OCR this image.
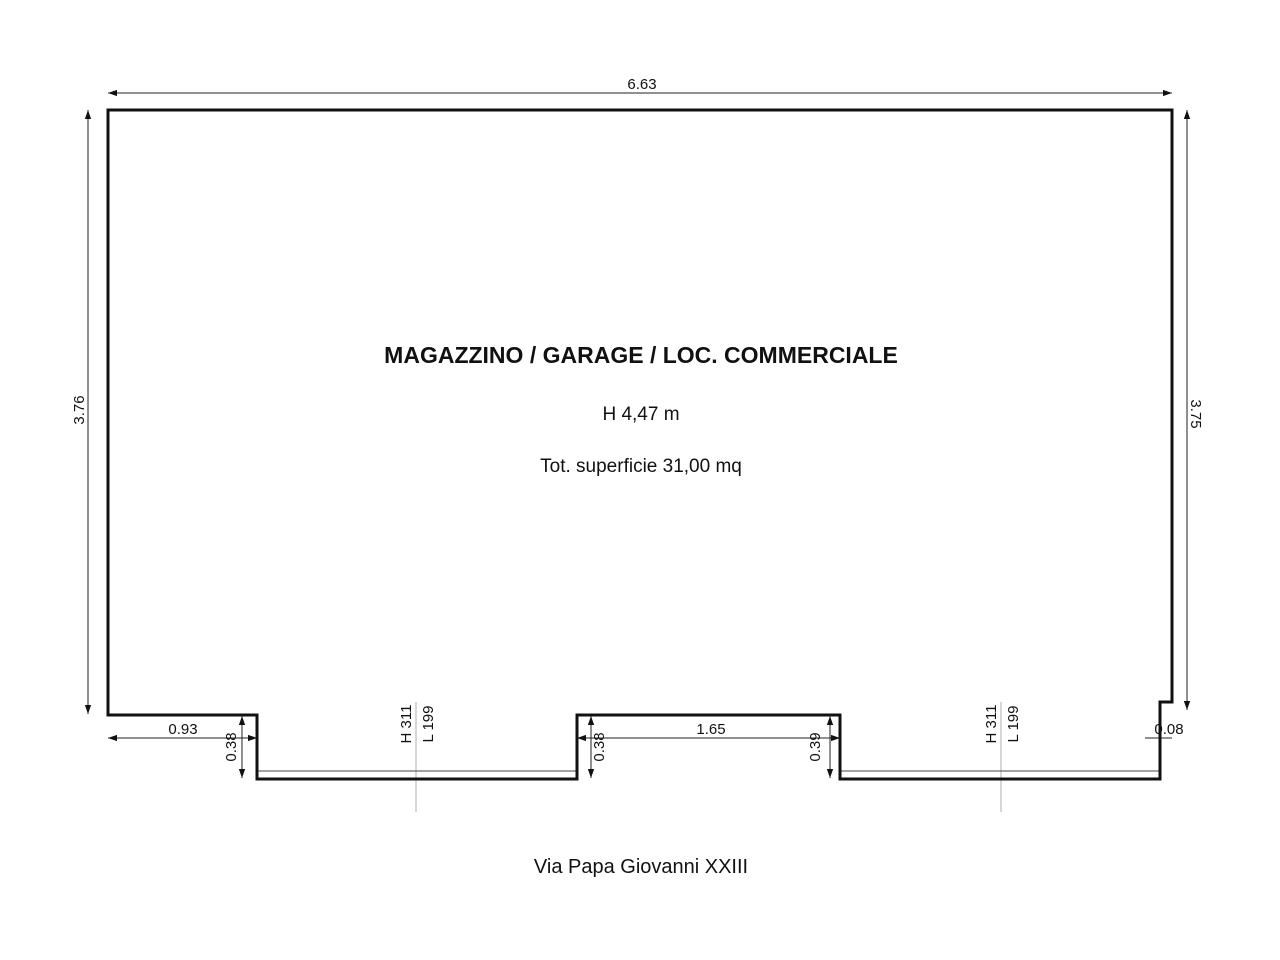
6.63
3.76	3.75
0.93	1.65	0.08
0.38	0.38	0.39
H 311 L 199	H 311 L 199
MAGAZZINO / GARAGE / LOC. COMMERCIALE
H 4,47 m
Tot. superficie 31,00 mq
Via Papa Giovanni XXIII
